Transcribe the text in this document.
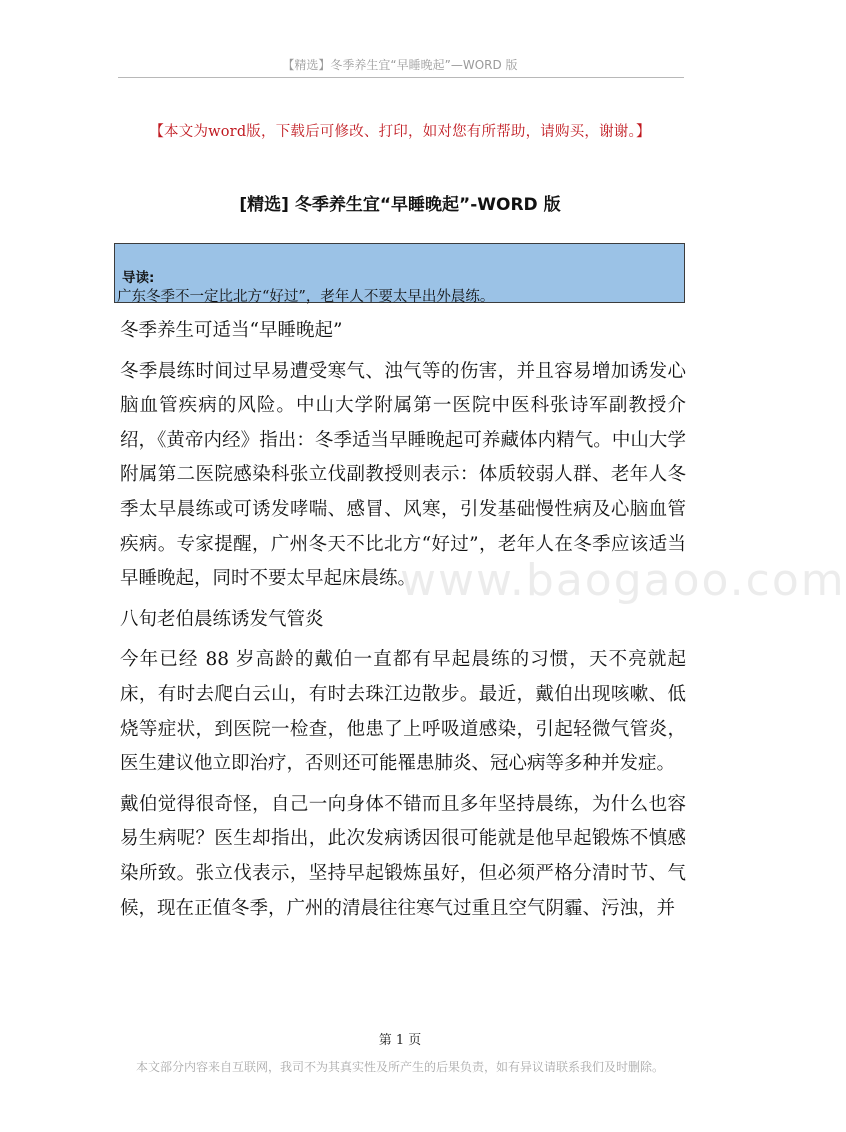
【精选】冬季养生宜“早睡晚起”—WORD 版
【本文为word版，下载后可修改、打印，如对您有所帮助，请购买，谢谢。】
[精选] 冬季养生宜“早睡晚起”-WORD 版
导读:
广东冬季不一定比北方“好过”，老年人不要太早出外晨练。
www.baogaoo.com

冬季养生可适当“早睡晚起”

冬季晨练时间过早易遭受寒气、浊气等的伤害，并且容易增加诱发心脑血管疾病的风险。中山大学附属第一医院中医科张诗军副教授介绍，《黄帝内经》指出：冬季适当早睡晚起可养藏体内精气。中山大学附属第二医院感染科张立伐副教授则表示：体质较弱人群、老年人冬季太早晨练或可诱发哮喘、感冒、风寒，引发基础慢性病及心脑血管疾病。专家提醒，广州冬天不比北方“好过”，老年人在冬季应该适当早睡晚起，同时不要太早起床晨练。

八旬老伯晨练诱发气管炎

今年已经 88 岁高龄的戴伯一直都有早起晨练的习惯，天不亮就起床，有时去爬白云山，有时去珠江边散步。最近，戴伯出现咳嗽、低烧等症状，到医院一检查，他患了上呼吸道感染，引起轻微气管炎，医生建议他立即治疗，否则还可能罹患肺炎、冠心病等多种并发症。

戴伯觉得很奇怪，自己一向身体不错而且多年坚持晨练，为什么也容易生病呢？医生却指出，此次发病诱因很可能就是他早起锻炼不慎感染所致。张立伐表示，坚持早起锻炼虽好，但必须严格分清时节、气候，现在正值冬季，广州的清晨往往寒气过重且空气阴霾、污浊，并

第 1 页
本文部分内容来自互联网，我司不为其真实性及所产生的后果负责，如有异议请联系我们及时删除。
